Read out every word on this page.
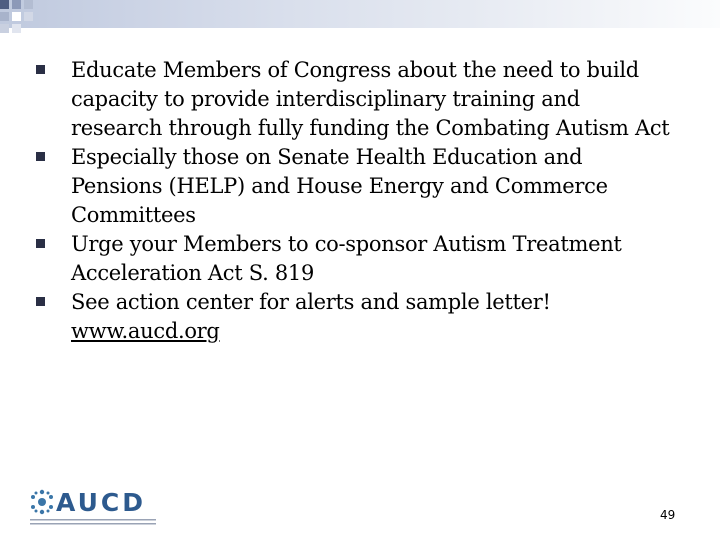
Educate Members of Congress about the need to build capacity to provide interdisciplinary training and research through fully funding the Combating Autism Act
Especially those on Senate Health Education and Pensions (HELP) and House Energy and Commerce Committees
Urge your Members to co-sponsor Autism Treatment Acceleration Act S. 819
See action center for alerts and sample letter!
www.aucd.org
AUCD	49
